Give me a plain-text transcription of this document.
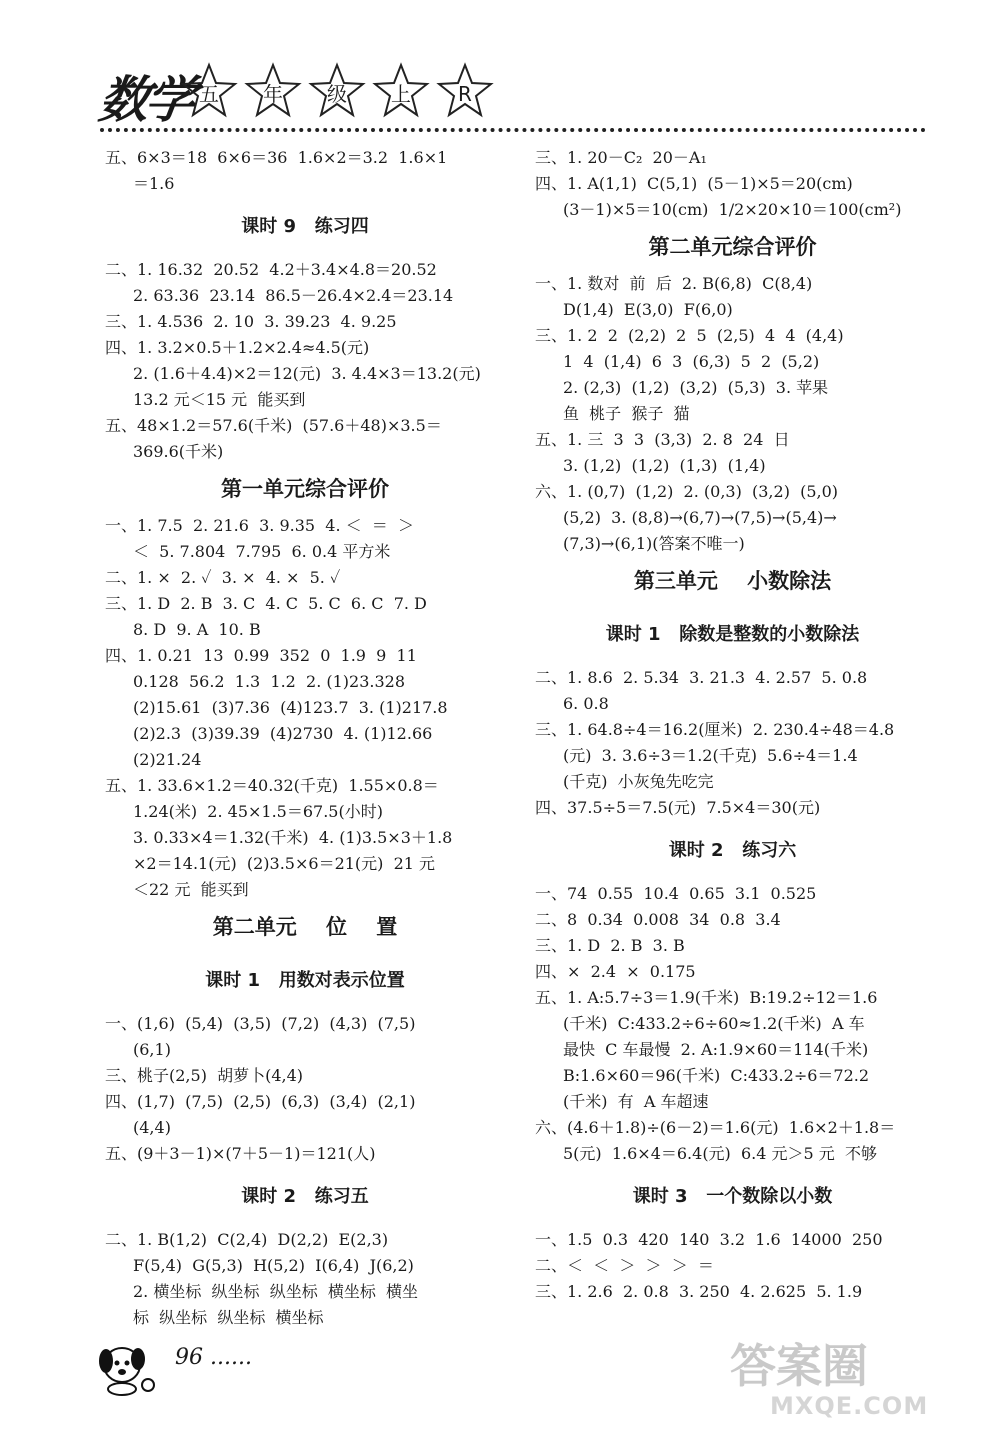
数学 五	年	级	上	R

五、6×3＝18  6×6＝36  1.6×2＝3.2  1.6×1

＝1.6

课时 9   练习四

二、1. 16.32  20.52  4.2＋3.4×4.8＝20.52

2. 63.36  23.14  86.5－26.4×2.4＝23.14

三、1. 4.536  2. 10  3. 39.23  4. 9.25

四、1. 3.2×0.5＋1.2×2.4≈4.5(元)

2. (1.6＋4.4)×2＝12(元)  3. 4.4×3＝13.2(元)

13.2 元＜15 元  能买到

五、48×1.2＝57.6(千米)  (57.6＋48)×3.5＝

369.6(千米)

第一单元综合评价

一、1. 7.5  2. 21.6  3. 9.35  4. ＜  ＝  ＞

＜  5. 7.804  7.795  6. 0.4 平方米

二、1. ×  2. ✓  3. ×  4. ×  5. ✓

三、1. D  2. B  3. C  4. C  5. C  6. C  7. D

8. D  9. A  10. B

四、1. 0.21  13  0.99  352  0  1.9  9  11

0.128  56.2  1.3  1.2  2. (1)23.328

(2)15.61  (3)7.36  (4)123.7  3. (1)217.8

(2)2.3  (3)39.39  (4)2730  4. (1)12.66

(2)21.24

五、1. 33.6×1.2＝40.32(千克)  1.55×0.8＝

1.24(米)  2. 45×1.5＝67.5(小时)

3. 0.33×4＝1.32(千米)  4. (1)3.5×3＋1.8

×2＝14.1(元)  (2)3.5×6＝21(元)  21 元

＜22 元  能买到

第二单元    位    置
课时 1   用数对表示位置

一、(1,6)  (5,4)  (3,5)  (7,2)  (4,3)  (7,5)

(6,1)

三、桃子(2,5)  胡萝卜(4,4)

四、(1,7)  (7,5)  (2,5)  (6,3)  (3,4)  (2,1)

(4,4)

五、(9＋3－1)×(7＋5－1)＝121(人)

课时 2   练习五

二、1. B(1,2)  C(2,4)  D(2,2)  E(2,3)

F(5,4)  G(5,3)  H(5,2)  I(6,4)  J(6,2)

2. 横坐标  纵坐标  纵坐标  横坐标  横坐

标  纵坐标  纵坐标  横坐标

三、1. 20－C₂  20－A₁

四、1. A(1,1)  C(5,1)  (5－1)×5＝20(cm)

(3－1)×5＝10(cm)  1/2×20×10＝100(cm²)

第二单元综合评价

一、1. 数对  前  后  2. B(6,8)  C(8,4)

D(1,4)  E(3,0)  F(6,0)

三、1. 2  2  (2,2)  2  5  (2,5)  4  4  (4,4)

1  4  (1,4)  6  3  (6,3)  5  2  (5,2)

2. (2,3)  (1,2)  (3,2)  (5,3)  3. 苹果

鱼  桃子  猴子  猫

五、1. 三  3  3  (3,3)  2. 8  24  日

3. (1,2)  (1,2)  (1,3)  (1,4)

六、1. (0,7)  (1,2)  2. (0,3)  (3,2)  (5,0)

(5,2)  3. (8,8)→(6,7)→(7,5)→(5,4)→

(7,3)→(6,1)(答案不唯一)

第三单元    小数除法
课时 1   除数是整数的小数除法

二、1. 8.6  2. 5.34  3. 21.3  4. 2.57  5. 0.8

6. 0.8

三、1. 64.8÷4＝16.2(厘米)  2. 230.4÷48＝4.8

(元)  3. 3.6÷3＝1.2(千克)  5.6÷4＝1.4

(千克)  小灰兔先吃完

四、37.5÷5＝7.5(元)  7.5×4＝30(元)

课时 2   练习六

一、74  0.55  10.4  0.65  3.1  0.525

二、8  0.34  0.008  34  0.8  3.4

三、1. D  2. B  3. B

四、×  2.4  ×  0.175

五、1. A:5.7÷3＝1.9(千米)  B:19.2÷12＝1.6

(千米)  C:433.2÷6÷60≈1.2(千米)  A 车

最快  C 车最慢  2. A:1.9×60＝114(千米)

B:1.6×60＝96(千米)  C:433.2÷6＝72.2

(千米)  有  A 车超速

六、(4.6＋1.8)÷(6－2)＝1.6(元)  1.6×2＋1.8＝

5(元)  1.6×4＝6.4(元)  6.4 元＞5 元  不够

课时 3   一个数除以小数

一、1.5  0.3  420  140  3.2  1.6  14000  250

二、＜  ＜  ＞  ＞  ＞  ＝

三、1. 2.6  2. 0.8  3. 250  4. 2.625  5. 1.9

96 ......	答案圈
MXQE.COM
